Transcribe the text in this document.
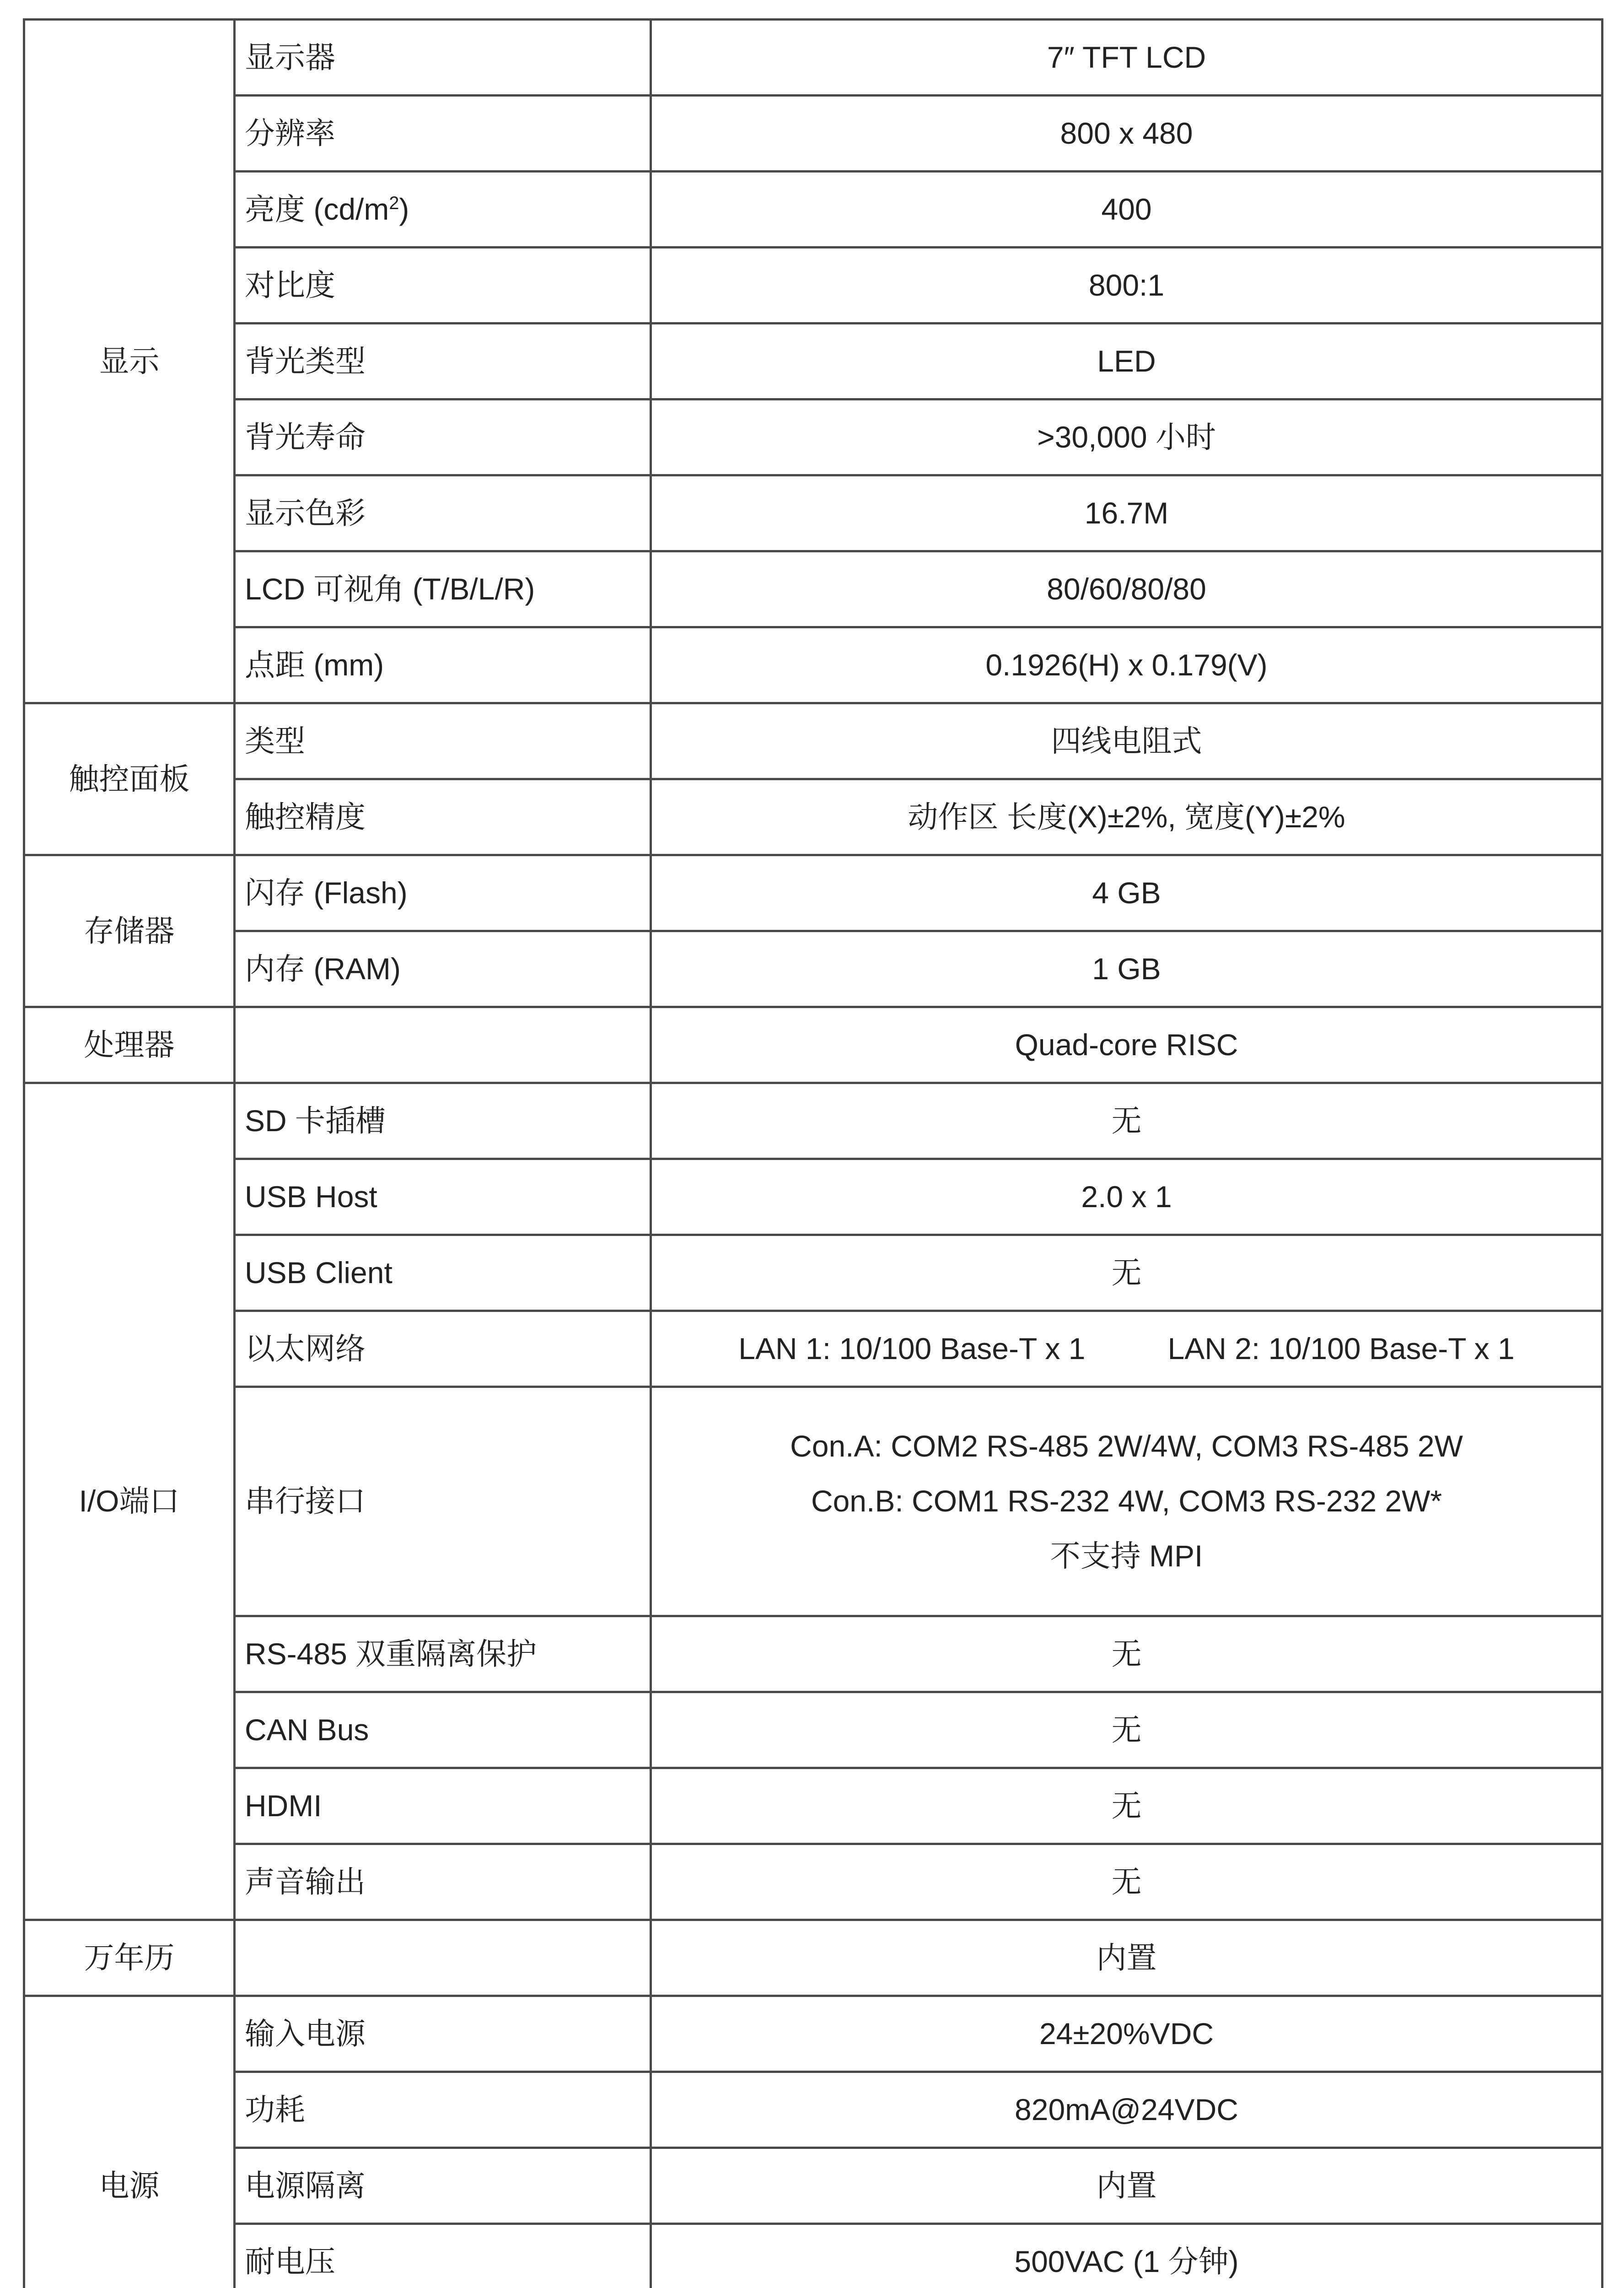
显示	显示器	7″ TFT LCD
	分辨率	800 x 480
	亮度 $(cd/m^2)$	400
	对比度	800:1
	背光类型	LED
	背光寿命	>30,000 小时
	显示色彩	16.7M
	LCD 可视角 (T/B/L/R)	80/60/80/80
	点距 (mm)	0.1926(H) x 0.179(V)
触控面板	类型	四线电阻式
	触控精度	动作区 长度(X)±2%, 宽度(Y)±2%
存储器	闪存 (Flash)	4 GB
	内存 (RAM)	1 GB
处理器		Quad-core RISC
I/O端口	SD 卡插槽	无
	USB Host	2.0 x 1
	USB Client	无
	以太网络	LAN 1: 10/100 Base-T x 1 LAN 2: 10/100 Base-T x 1
	串行接口	Con.A: COM2 RS-485 2W/4W, COM3 RS-485 2W
Con.B: COM1 RS-232 4W, COM3 RS-232 2W*
不支持 MPI

	RS-485 双重隔离保护	无
	CAN Bus	无
	HDMI	无
	声音输出	无
万年历		内置
电源	输入电源	24±20%VDC
	功耗	820mA@24VDC
	电源隔离	内置
	耐电压	500VAC (1 分钟)
